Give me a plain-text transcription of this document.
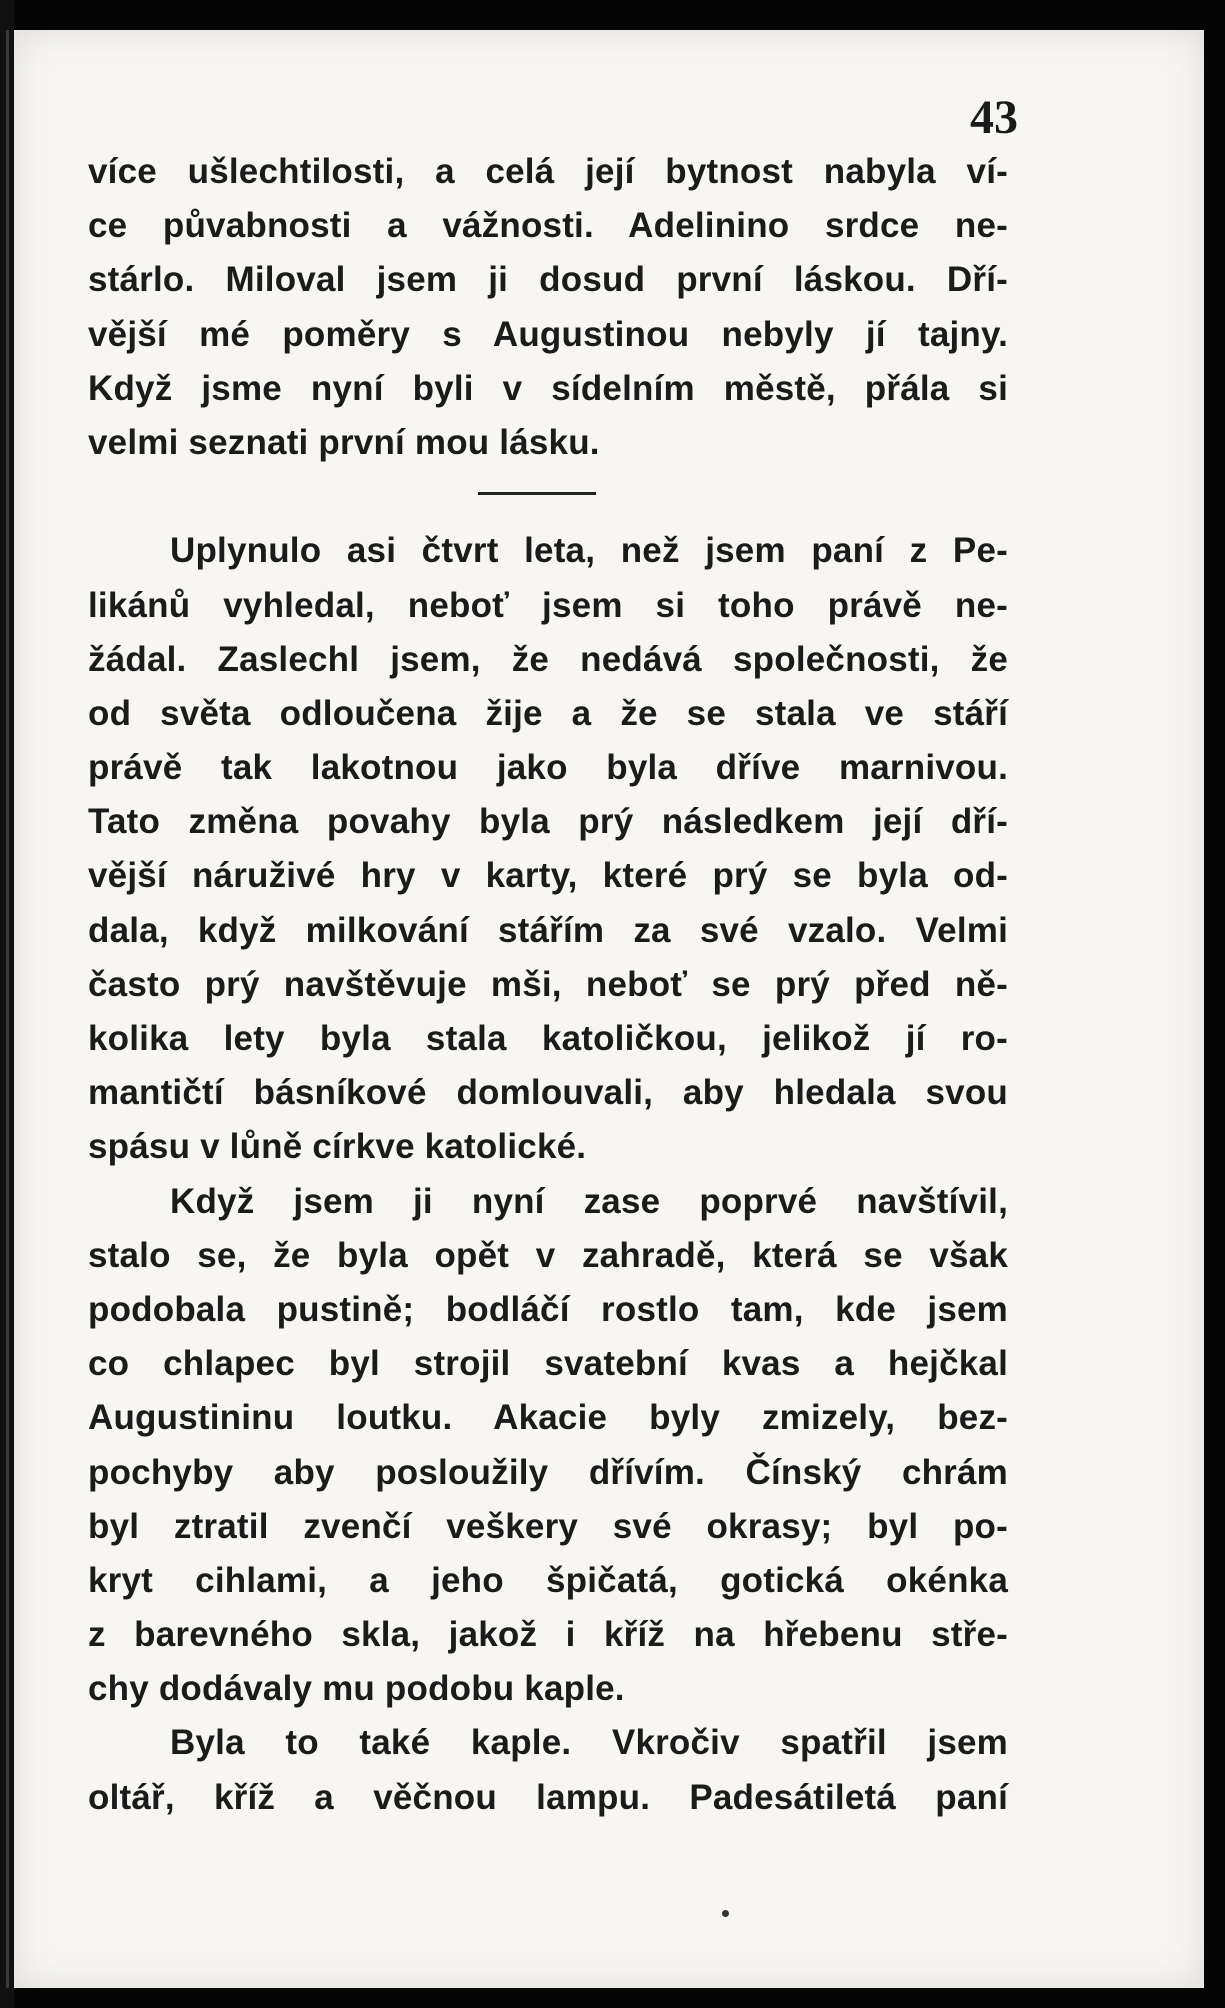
43

více ušlechtilosti, a celá její bytnost nabyla ví-
ce půvabnosti a vážnosti. Adelinino srdce ne-
stárlo. Miloval jsem ji dosud první láskou. Dří-
vější mé poměry s Augustinou nebyly jí tajny.
Když jsme nyní byli v sídelním městě, přála si
velmi seznati první mou lásku.
Uplynulo asi čtvrt leta, než jsem paní z Pe-
likánů vyhledal, neboť jsem si toho právě ne-
žádal. Zaslechl jsem, že nedává společnosti, že
od světa odloučena žije a že se stala ve stáří
právě tak lakotnou jako byla dříve marnivou.
Tato změna povahy byla prý následkem její dří-
vější náruživé hry v karty, které prý se byla od-
dala, když milkování stářím za své vzalo. Velmi
často prý navštěvuje mši, neboť se prý před ně-
kolika lety byla stala katoličkou, jelikož jí ro-
mantičtí básníkové domlouvali, aby hledala svou
spásu v lůně církve katolické.
Když jsem ji nyní zase poprvé navštívil,
stalo se, že byla opět v zahradě, která se však
podobala pustině; bodláčí rostlo tam, kde jsem
co chlapec byl strojil svatební kvas a hejčkal
Augustininu loutku. Akacie byly zmizely, bez-
pochyby aby posloužily dřívím. Čínský chrám
byl ztratil zvenčí veškery své okrasy; byl po-
kryt cihlami, a jeho špičatá, gotická okénka
z barevného skla, jakož i kříž na hřebenu stře-
chy dodávaly mu podobu kaple.
Byla to také kaple. Vkročiv spatřil jsem
oltář, kříž a věčnou lampu. Padesátiletá paní
